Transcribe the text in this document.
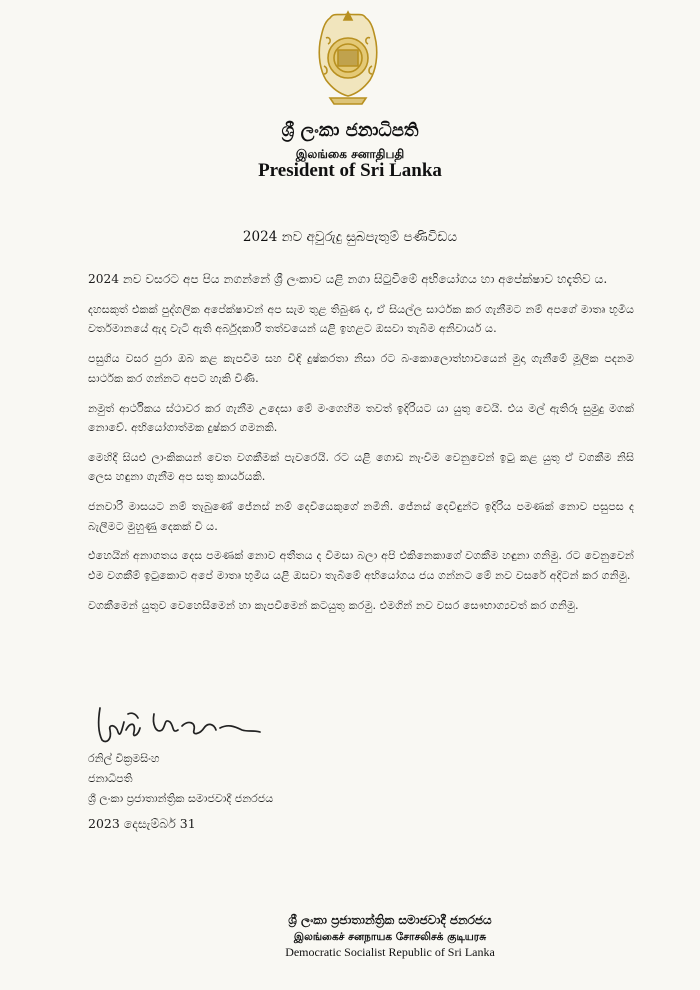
ශ්‍රී ලංකා ජනාධිපති
இலங்கை சனாதிபதி
President of Sri Lanka
2024 නව අවුරුදු සුබපැතුම් පණිවිඩය

2024 නව වසරට අප පිය නගන්නේ ශ්‍රී ලංකාව යළි නගා සිටුවීමේ අභියෝගය හා අපේක්ෂාව හදැතිව ය.

දහසකුත් එකක් පුද්ගලික අපේක්ෂාවන් අප සැම තුළ තිබුණ ද, ඒ සියල්ල සාර්ථක කර ගැනීමට නම් අපගේ මාතෘ භූමිය වර්තමානයේ ඇද වැටී ඇති අර්බුදකාරී තත්වයෙන් යළි ඉහළට ඔසවා තැබීම අනිවාර්ය ය.

පසුගිය වසර පුරා ඔබ කළ කැපවීම සහ විඳි දුෂ්කරතා නිසා රට බංකොලොත්භාවයෙන් මුදා ගැනීමේ මූලික පදනම සාර්ථක කර ගන්නට අපට හැකි විණි.

නමුත් ආර්ථිකය ස්ථාවර කර ගැනීම උදෙසා මේ මංගෙහිම තවත් ඉදිරියට යා යුතු වෙයි. එය මල් ඇතිරූ සුමුදු මගක් නොවේ. අභියෝගාත්මක දුෂ්කර ගමනකි.

මෙහිදී සියළු ලාංකිකයන් වෙත වගකීමක් පැවරෙයි. රට යළි ගොඩ නැංවීම වෙනුවෙන් ඉටු කළ යුතු ඒ වගකීම නිසි ලෙස හඳුනා ගැනීම අප සතු කාර්යයකි.

ජනවාරි මාසයට නම් තැබුණේ ජේනස් නම් දෙවියෙකුගේ නමිනි. ජේනස් දෙවිඳුන්ට ඉදිරිය පමණක් නොව පසුපස ද බැලීමට මුහුණු දෙකක් වී ය.

එහෙයින් අනාගතය දෙස පමණක් නොව අතීතය ද විමසා බලා අපි එකිනෙකාගේ වගකීම හඳුනා ගනිමු. රට වෙනුවෙන් එම වගකීම් ඉටුකොට අපේ මාතෘ භූමිය යළි ඔසවා තැබීමේ අභියෝගය ජය ගන්නට මේ නව වසරේ අදිටන් කර ගනිමු.

වගකීමෙන් යුතුව වෙහෙසීමෙන් හා කැපවීමෙන් කටයුතු කරමු. එමගින් නව වසර සෞභාග්‍යවත් කර ගනිමු.

රනිල් වික්‍රමසිංහ
ජනාධිපති
ශ්‍රී ලංකා ප්‍රජාතාන්ත්‍රික සමාජවාදී ජනරජය
2023 දෙසැම්බර් 31
ශ්‍රී ලංකා ප්‍රජාතාන්ත්‍රික සමාජවාදී ජනරජය
இலங்கைச் சனநாயக சோசலிசக் குடியரசு
Democratic Socialist Republic of Sri Lanka
